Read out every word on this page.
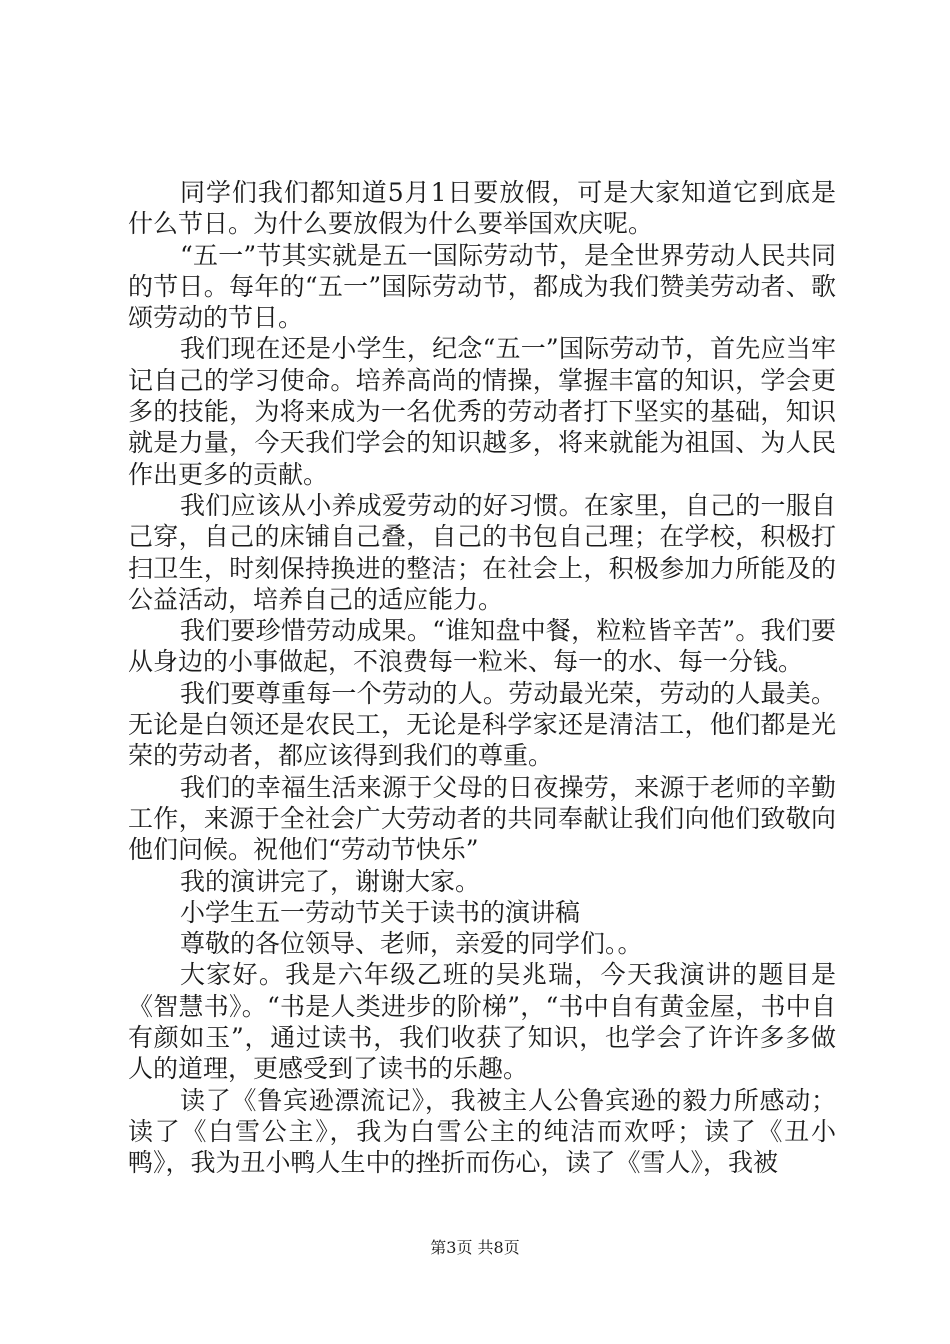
同学们我们都知道5月1日要放假，可是大家知道它到底是什么节日。为什么要放假为什么要举国欢庆呢。

“五一”节其实就是五一国际劳动节，是全世界劳动人民共同的节日。每年的“五一”国际劳动节，都成为我们赞美劳动者、歌颂劳动的节日。

我们现在还是小学生，纪念“五一”国际劳动节，首先应当牢记自己的学习使命。培养高尚的情操，掌握丰富的知识，学会更多的技能，为将来成为一名优秀的劳动者打下坚实的基础，知识就是力量，今天我们学会的知识越多，将来就能为祖国、为人民作出更多的贡献。

我们应该从小养成爱劳动的好习惯。在家里，自己的一服自己穿，自己的床铺自己叠，自己的书包自己理；在学校，积极打扫卫生，时刻保持换进的整洁；在社会上，积极参加力所能及的公益活动，培养自己的适应能力。

我们要珍惜劳动成果。“谁知盘中餐，粒粒皆辛苦”。我们要从身边的小事做起，不浪费每一粒米、每一的水、每一分钱。

我们要尊重每一个劳动的人。劳动最光荣，劳动的人最美。无论是白领还是农民工，无论是科学家还是清洁工，他们都是光荣的劳动者，都应该得到我们的尊重。

我们的幸福生活来源于父母的日夜操劳，来源于老师的辛勤工作，来源于全社会广大劳动者的共同奉献让我们向他们致敬向他们问候。祝他们“劳动节快乐”

我的演讲完了，谢谢大家。

小学生五一劳动节关于读书的演讲稿

尊敬的各位领导、老师，亲爱的同学们。。

大家好。我是六年级乙班的吴兆瑞，今天我演讲的题目是《智慧书》。“书是人类进步的阶梯”，“书中自有黄金屋，书中自有颜如玉”，通过读书，我们收获了知识，也学会了许许多多做人的道理，更感受到了读书的乐趣。

读了《鲁宾逊漂流记》，我被主人公鲁宾逊的毅力所感动；读了《白雪公主》，我为白雪公主的纯洁而欢呼；读了《丑小鸭》，我为丑小鸭人生中的挫折而伤心，读了《雪人》，我被

第3页 共8页
